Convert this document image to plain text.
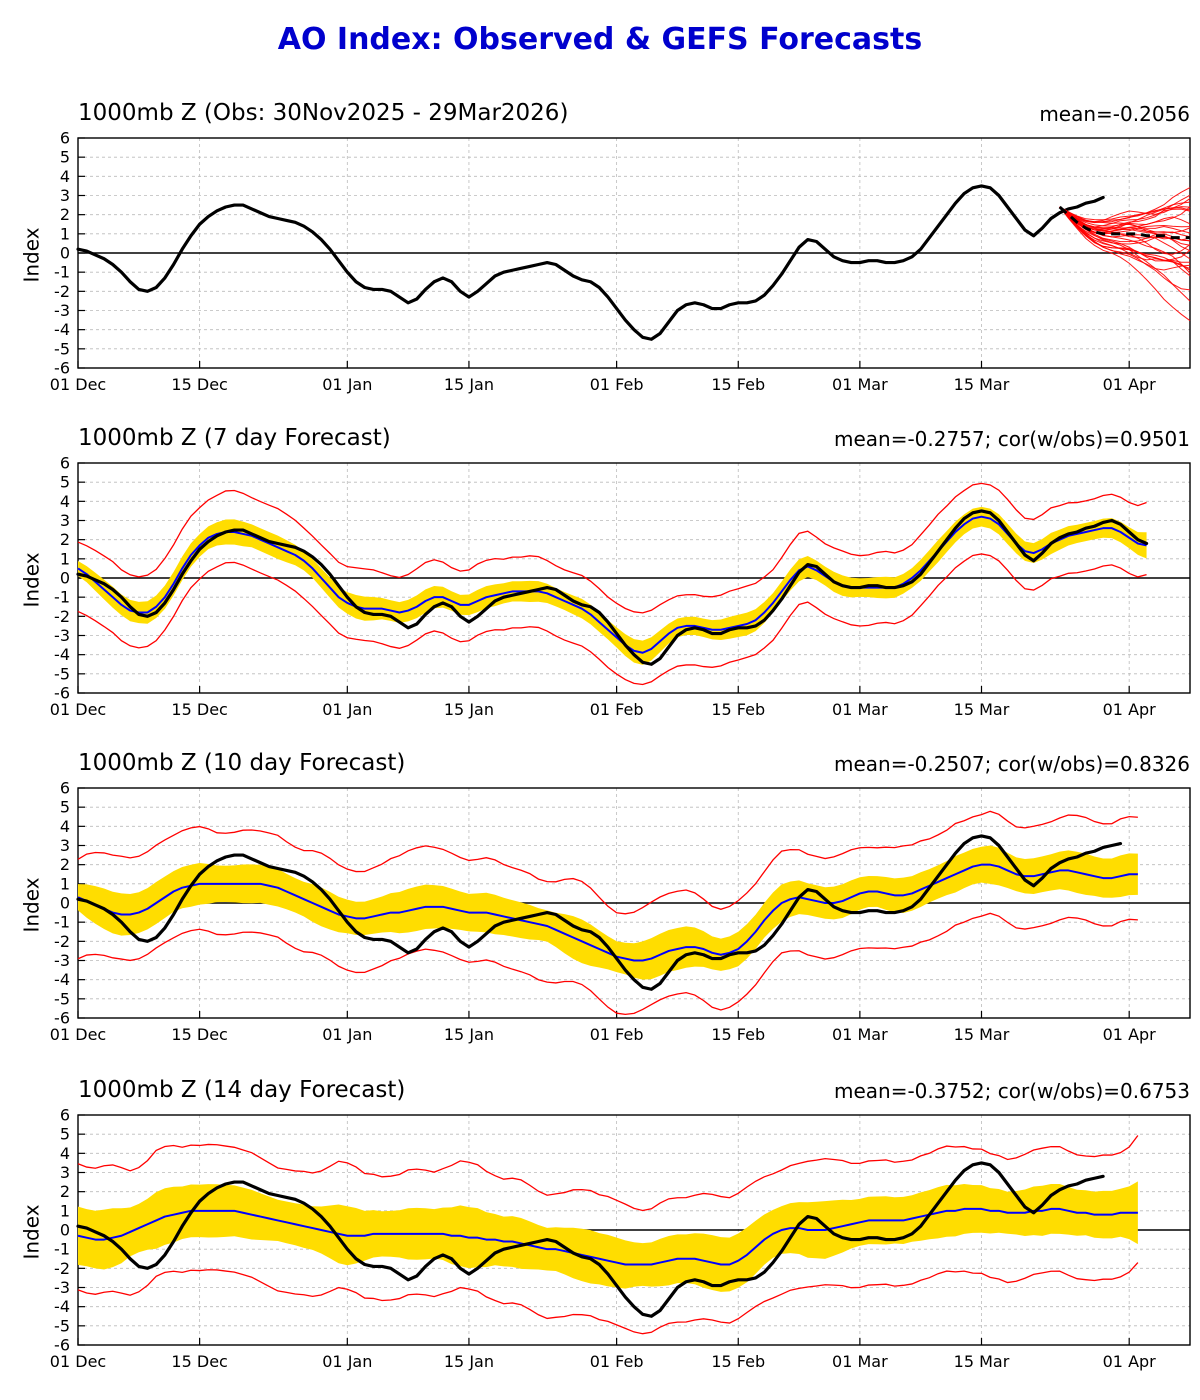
AO Index: Observed & GEFS Forecasts
1000mb Z (Obs: 30Nov2025 - 29Mar2026)	mean=-0.2056
Index
-6
-5
-4
-3
-2
-1
0
1
2
3
4
5
6
01 Dec	15 Dec	01 Jan	15 Jan	01 Feb	15 Feb	01 Mar	15 Mar	01 Apr
1000mb Z (7 day Forecast)	mean=-0.2757; cor(w/obs)=0.9501
Index
-6
-5
-4
-3
-2
-1
0
1
2
3
4
5
6
01 Dec	15 Dec	01 Jan	15 Jan	01 Feb	15 Feb	01 Mar	15 Mar	01 Apr
1000mb Z (10 day Forecast)	mean=-0.2507; cor(w/obs)=0.8326
Index
-6
-5
-4
-3
-2
-1
0
1
2
3
4
5
6
01 Dec	15 Dec	01 Jan	15 Jan	01 Feb	15 Feb	01 Mar	15 Mar	01 Apr
1000mb Z (14 day Forecast)	mean=-0.3752; cor(w/obs)=0.6753
Index
-6
-5
-4
-3
-2
-1
0
1
2
3
4
5
6
01 Dec	15 Dec	01 Jan	15 Jan	01 Feb	15 Feb	01 Mar	15 Mar	01 Apr
